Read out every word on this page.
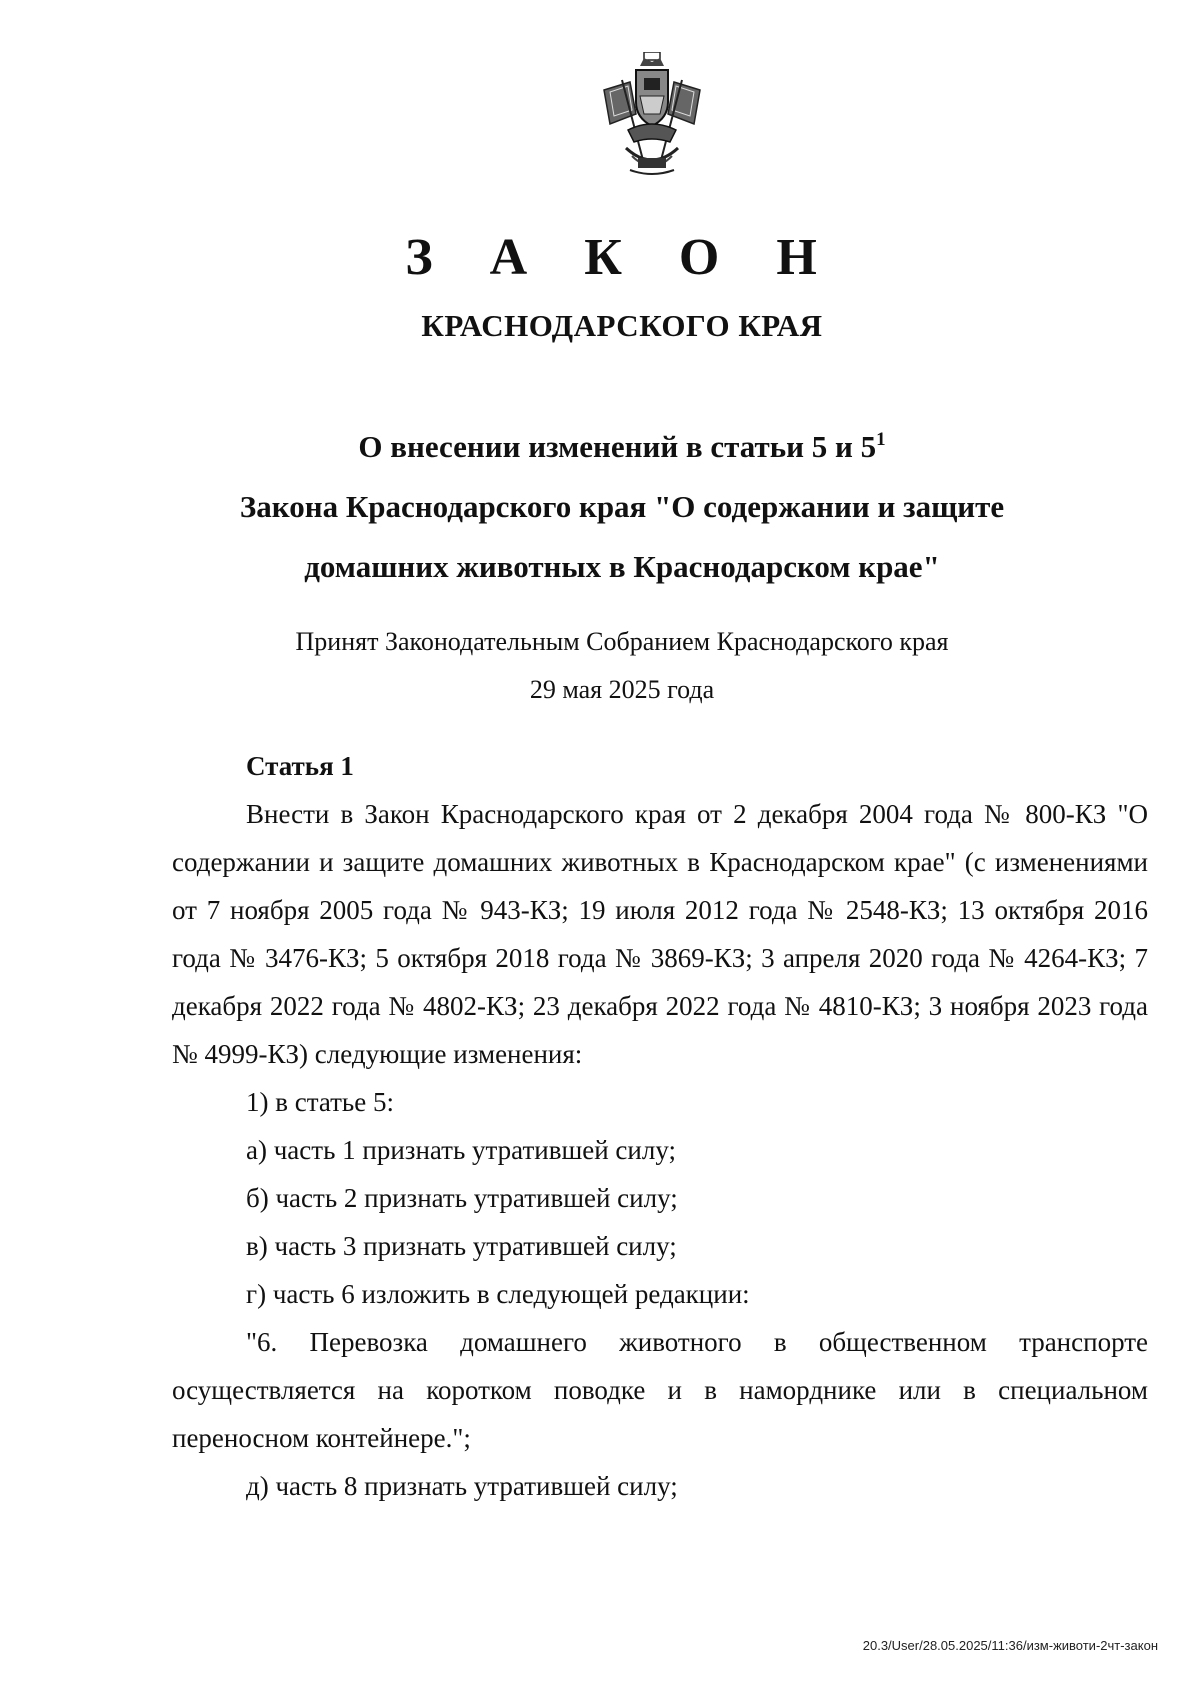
З А К О Н
КРАСНОДАРСКОГО КРАЯ
О внесении изменений в статьи 5 и $5^1$
Закона Краснодарского края "О содержании и защите
домашних животных в Краснодарском крае"
Принят Законодательным Собранием Краснодарского края
29 мая 2025 года

Статья 1

Внести в Закон Краснодарского края от 2 декабря 2004 года № 800-КЗ "О содержании и защите домашних животных в Краснодарском крае" (с изменениями от 7 ноября 2005 года № 943-КЗ; 19 июля 2012 года № 2548-КЗ; 13 октября 2016 года № 3476-КЗ; 5 октября 2018 года № 3869-КЗ; 3 апреля 2020 года № 4264-КЗ; 7 декабря 2022 года № 4802-КЗ; 23 декабря 2022 года № 4810-КЗ; 3 ноября 2023 года № 4999-КЗ) следующие изменения:

1) в статье 5:

а) часть 1 признать утратившей силу;

б) часть 2 признать утратившей силу;

в) часть 3 признать утратившей силу;

г) часть 6 изложить в следующей редакции:

"6. Перевозка домашнего животного в общественном транспорте осуществляется на коротком поводке и в наморднике или в специальном переносном контейнере.";

д) часть 8 признать утратившей силу;

20.3/User/28.05.2025/11:36/изм-животи-2чт-закон
